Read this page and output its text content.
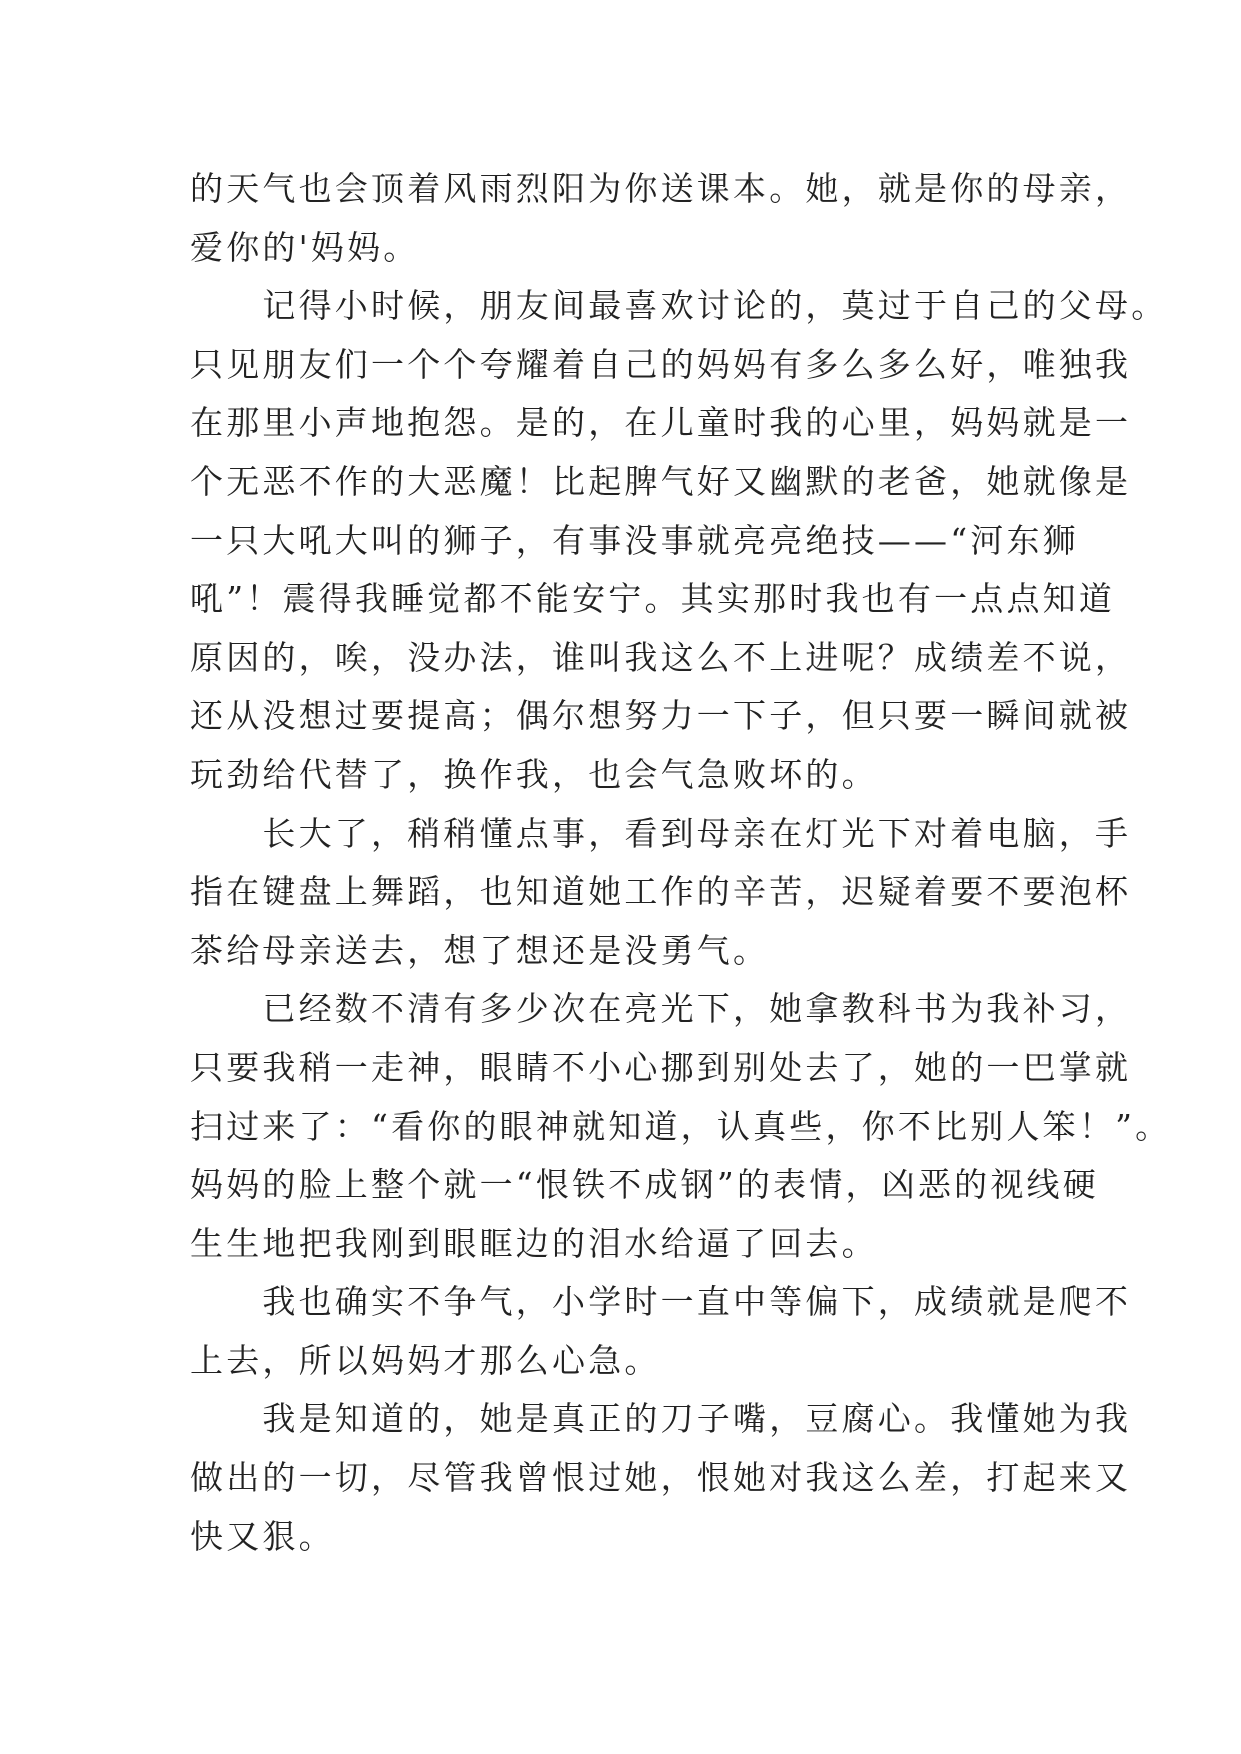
的天气也会顶着风雨烈阳为你送课本。她，就是你的母亲，
爱你的'妈妈。
　　记得小时候，朋友间最喜欢讨论的，莫过于自己的父母。
只见朋友们一个个夸耀着自己的妈妈有多么多么好，唯独我
在那里小声地抱怨。是的，在儿童时我的心里，妈妈就是一
个无恶不作的大恶魔！比起脾气好又幽默的老爸，她就像是
一只大吼大叫的狮子，有事没事就亮亮绝技——“河东狮
吼”！震得我睡觉都不能安宁。其实那时我也有一点点知道
原因的，唉，没办法，谁叫我这么不上进呢？成绩差不说，
还从没想过要提高；偶尔想努力一下子，但只要一瞬间就被
玩劲给代替了，换作我，也会气急败坏的。
　　长大了，稍稍懂点事，看到母亲在灯光下对着电脑，手
指在键盘上舞蹈，也知道她工作的辛苦，迟疑着要不要泡杯
茶给母亲送去，想了想还是没勇气。
　　已经数不清有多少次在亮光下，她拿教科书为我补习，
只要我稍一走神，眼睛不小心挪到别处去了，她的一巴掌就
扫过来了：“看你的眼神就知道，认真些，你不比别人笨！”。
妈妈的脸上整个就一“恨铁不成钢”的表情，凶恶的视线硬
生生地把我刚到眼眶边的泪水给逼了回去。
　　我也确实不争气，小学时一直中等偏下，成绩就是爬不
上去，所以妈妈才那么心急。
　　我是知道的，她是真正的刀子嘴，豆腐心。我懂她为我
做出的一切，尽管我曾恨过她，恨她对我这么差，打起来又
快又狠。
